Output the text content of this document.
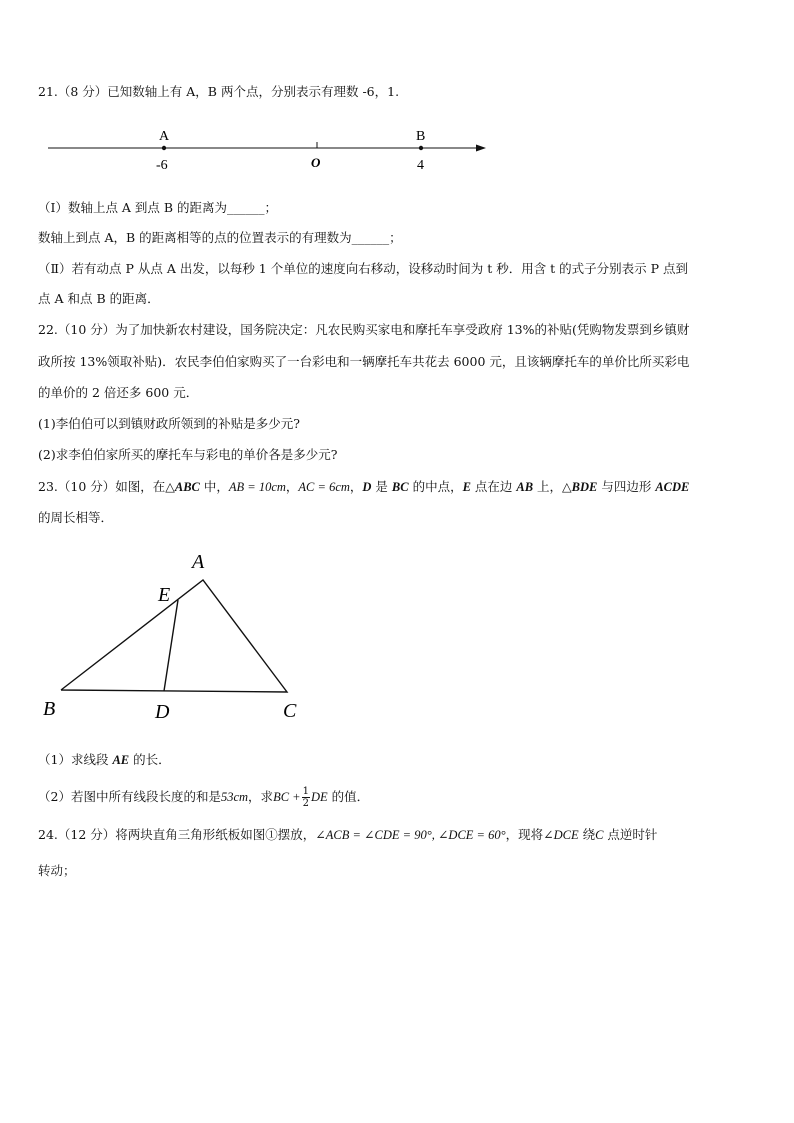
21.（8 分）已知数轴上有 A，B 两个点，分别表示有理数 -6，1.
A	B
-6	O	4
（Ⅰ）数轴上点 A 到点 B 的距离为______；
数轴上到点 A，B 的距离相等的点的位置表示的有理数为______；
（Ⅱ）若有动点 P 从点 A 出发，以每秒 1 个单位的速度向右移动，设移动时间为 t 秒．用含 t 的式子分别表示 P 点到
点 A 和点 B 的距离．
22.（10 分）为了加快新农村建设，国务院决定：凡农民购买家电和摩托车享受政府 13%的补贴(凭购物发票到乡镇财
政所按 13%领取补贴)．农民李伯伯家购买了一台彩电和一辆摩托车共花去 6000 元，且该辆摩托车的单价比所买彩电
的单价的 2 倍还多 600 元．
(1)李伯伯可以到镇财政所领到的补贴是多少元?
(2)求李伯伯家所买的摩托车与彩电的单价各是多少元?
23.（10 分）如图，在△ABC 中，AB = 10cm，AC = 6cm，D 是 BC 的中点，E 点在边 AB 上，△BDE 与四边形 ACDE
的周长相等．
A
E
B	D	C
（1）求线段 AE 的长．
（2）若图中所有线段长度的和是53cm，求BC + $\frac{1}{2}$ DE 的值．
24.（12 分）将两块直角三角形纸板如图①摆放，∠ACB = ∠CDE = 90°, ∠DCE = 60°，现将∠DCE 绕C 点逆时针
转动；
